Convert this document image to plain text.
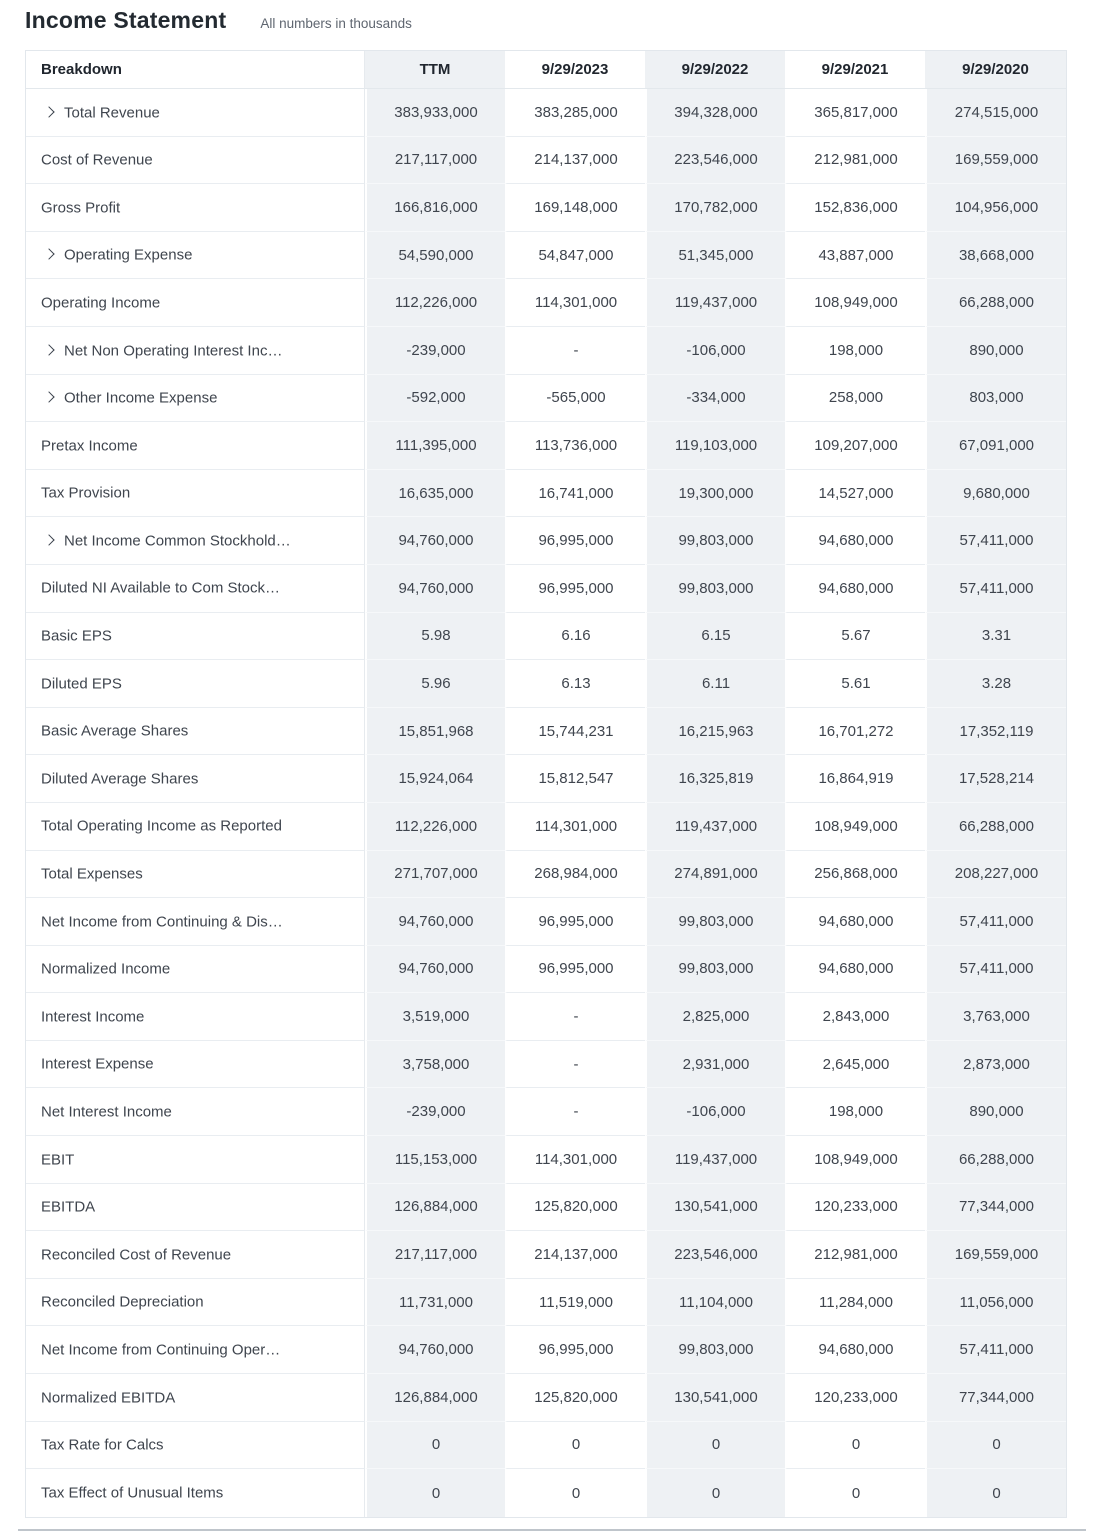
Income Statement	All numbers in thousands
Breakdown	TTM	9/29/2023	9/29/2022	9/29/2021	9/29/2020
Total Revenue	383,933,000	383,285,000	394,328,000	365,817,000	274,515,000
Cost of Revenue	217,117,000	214,137,000	223,546,000	212,981,000	169,559,000
Gross Profit	166,816,000	169,148,000	170,782,000	152,836,000	104,956,000
Operating Expense	54,590,000	54,847,000	51,345,000	43,887,000	38,668,000
Operating Income	112,226,000	114,301,000	119,437,000	108,949,000	66,288,000
Net Non Operating Interest Inc…	-239,000	-	-106,000	198,000	890,000
Other Income Expense	-592,000	-565,000	-334,000	258,000	803,000
Pretax Income	111,395,000	113,736,000	119,103,000	109,207,000	67,091,000
Tax Provision	16,635,000	16,741,000	19,300,000	14,527,000	9,680,000
Net Income Common Stockhold…	94,760,000	96,995,000	99,803,000	94,680,000	57,411,000
Diluted NI Available to Com Stock…	94,760,000	96,995,000	99,803,000	94,680,000	57,411,000
Basic EPS	5.98	6.16	6.15	5.67	3.31
Diluted EPS	5.96	6.13	6.11	5.61	3.28
Basic Average Shares	15,851,968	15,744,231	16,215,963	16,701,272	17,352,119
Diluted Average Shares	15,924,064	15,812,547	16,325,819	16,864,919	17,528,214
Total Operating Income as Reported	112,226,000	114,301,000	119,437,000	108,949,000	66,288,000
Total Expenses	271,707,000	268,984,000	274,891,000	256,868,000	208,227,000
Net Income from Continuing & Dis…	94,760,000	96,995,000	99,803,000	94,680,000	57,411,000
Normalized Income	94,760,000	96,995,000	99,803,000	94,680,000	57,411,000
Interest Income	3,519,000	-	2,825,000	2,843,000	3,763,000
Interest Expense	3,758,000	-	2,931,000	2,645,000	2,873,000
Net Interest Income	-239,000	-	-106,000	198,000	890,000
EBIT	115,153,000	114,301,000	119,437,000	108,949,000	66,288,000
EBITDA	126,884,000	125,820,000	130,541,000	120,233,000	77,344,000
Reconciled Cost of Revenue	217,117,000	214,137,000	223,546,000	212,981,000	169,559,000
Reconciled Depreciation	11,731,000	11,519,000	11,104,000	11,284,000	11,056,000
Net Income from Continuing Oper…	94,760,000	96,995,000	99,803,000	94,680,000	57,411,000
Normalized EBITDA	126,884,000	125,820,000	130,541,000	120,233,000	77,344,000
Tax Rate for Calcs	0	0	0	0	0
Tax Effect of Unusual Items	0	0	0	0	0
